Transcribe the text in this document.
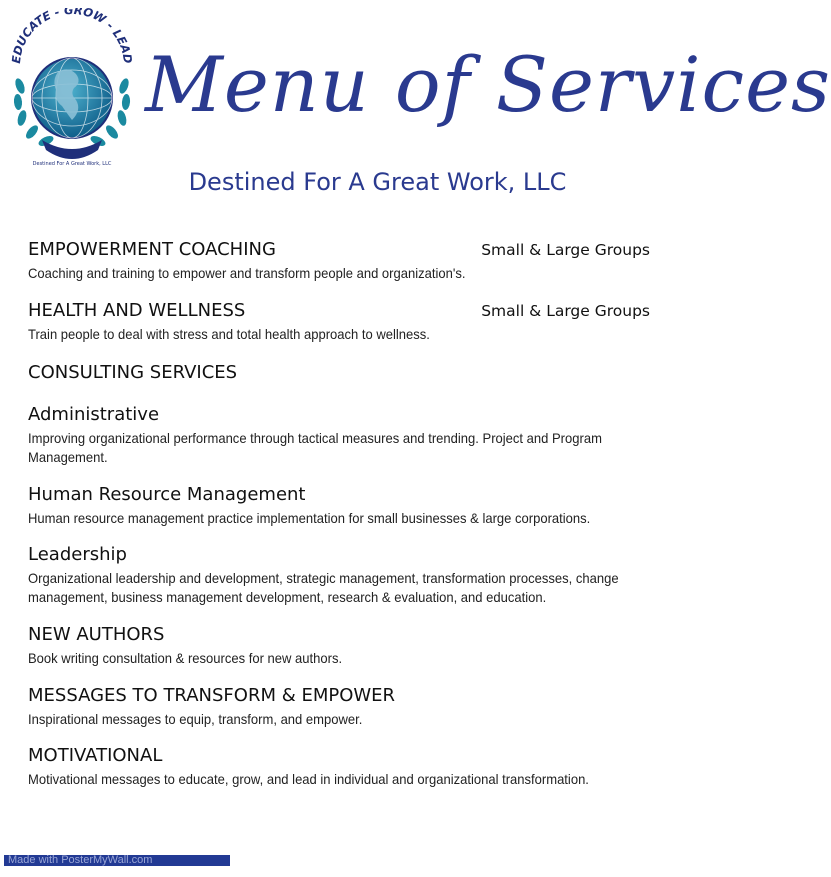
EDUCATE - GROW - LEAD
Destined For A Great Work, LLC
Menu of Services
Destined For A Great Work, LLC
EMPOWERMENT COACHING
Coaching and training to empower and transform people and organization's.
Small & Large Groups
HEALTH AND WELLNESS
Train people to deal with stress and total health approach to wellness.
Small & Large Groups
CONSULTING SERVICES
Administrative
Improving organizational performance through tactical measures and trending. Project and Program Management.
Human Resource Management
Human resource management practice implementation for small businesses & large corporations.
Leadership
Organizational leadership and development, strategic management, transformation processes, change management, business management development, research & evaluation, and education.
NEW AUTHORS
Book writing consultation & resources for new authors.
MESSAGES TO TRANSFORM & EMPOWER
Inspirational messages to equip, transform, and empower.
MOTIVATIONAL
Motivational messages to educate, grow, and lead in individual and organizational transformation.
Made with PosterMyWall.com
